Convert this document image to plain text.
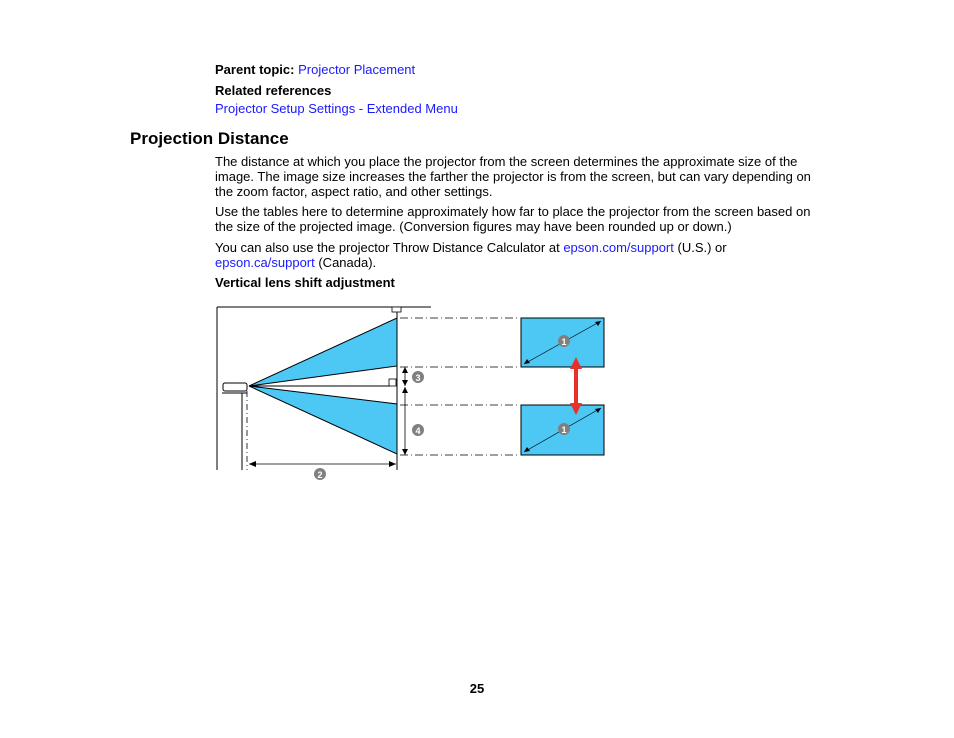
Parent topic: Projector Placement
Related references
Projector Setup Settings - Extended Menu
Projection Distance

The distance at which you place the projector from the screen determines the approximate size of the image. The image size increases the farther the projector is from the screen, but can vary depending on the zoom factor, aspect ratio, and other settings.

Use the tables here to determine approximately how far to place the projector from the screen based on the size of the projected image. (Conversion figures may have been rounded up or down.)

You can also use the projector Throw Distance Calculator at epson.com/support (U.S.) or
epson.ca/support (Canada).

Vertical lens shift adjustment
1
1
2
3
4
25
